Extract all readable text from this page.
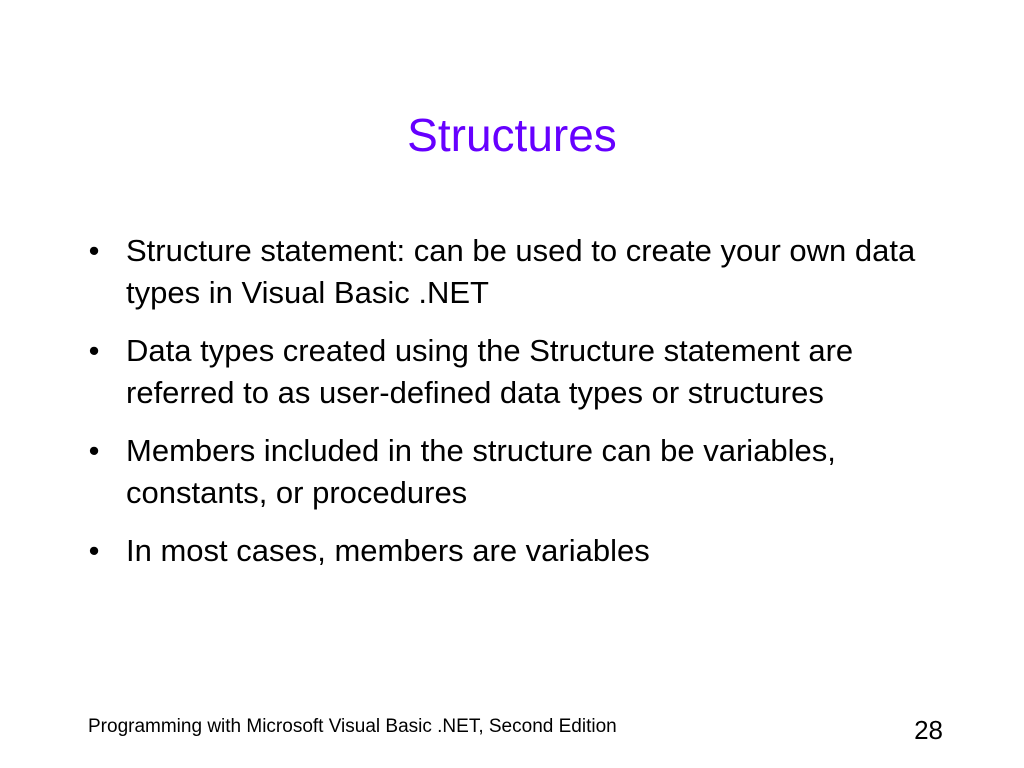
Structures
• Structure statement: can be used to create your own data types in Visual Basic .NET
• Data types created using the Structure statement are referred to as user-defined data types or structures
• Members included in the structure can be variables, constants, or procedures
• In most cases, members are variables
Programming with Microsoft Visual Basic .NET, Second Edition	28
